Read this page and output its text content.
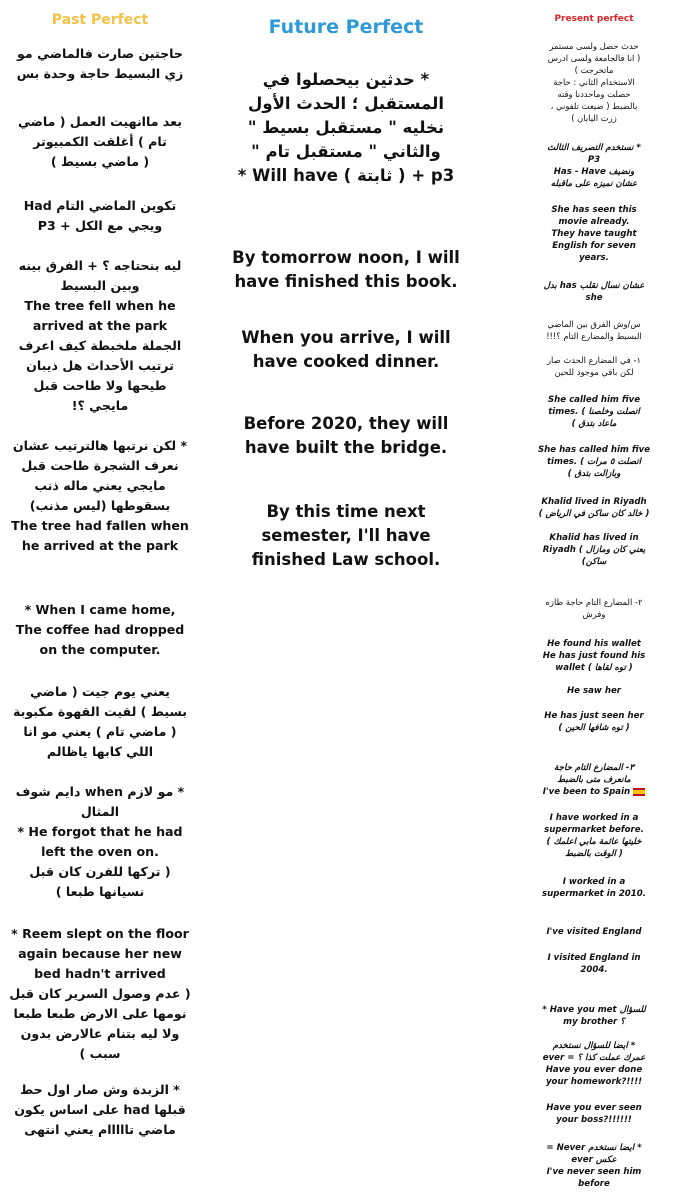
Past Perfect
حاجتين صارت فالماضي مو
زي البسيط حاجة وحدة بس
بعد ماانهيت العمل ( ماضي
تام ) أغلقت الكمبيوتر
( ماضي بسيط )
تكوين الماضي التام Had
ويجي مع الكل + P3
ليه بنحتاجه ؟ + الفرق بينه
وبين البسيط
The tree fell when he
arrived at the park
الجملة ملخبطة كيف اعرف
ترتيب الأحداث هل ذيبان
طيحها ولا طاحت قبل
مايجي ؟!
* لكن نرتبها هالترتيب عشان
نعرف الشجرة طاحت قبل
مايجي يعني ماله ذنب
بسقوطها (ليس مذنب)
The tree had fallen when
he arrived at the park
* When I came home,
The coffee had dropped
on the computer.
يعني يوم جيت ( ماضي
بسيط ) لقيت القهوة مكبوبة
( ماضي تام ) يعني مو انا
اللي كابها ياظالم
* مو لازم when دايم شوف
المثال
* He forgot that he had
left the oven on.
( تركها للفرن كان قبل
نسيانها طبعا )
* Reem slept on the floor
again because her new
bed hadn't arrived
( عدم وصول السرير كان قبل
نومها على الارض طبعا طبعا
ولا ليه بتنام عالارض بدون
سبب )
* الزبدة وش صار اول حط
قبلها had على اساس يكون
ماضي تااااام يعني انتهى
Future Perfect
* حدثين بيحصلوا في
المستقبل ؛ الحدث الأول
نخليه " مستقبل بسيط "
والثاني " مستقبل تام "
* Will have ( ثابتة ) + p3
By tomorrow noon, I will
have finished this book.
When you arrive, I will
have cooked dinner.
Before 2020, they will
have built the bridge.
By this time next
semester, I'll have
finished Law school.
Present perfect
حدث حصل ولسى مستمر
( انا فالجامعة ولسى ادرس
ماتخرجت )
الاستخدام الثاني : حاجة
حصلت وماحددنا وقته
بالضبط ( ضيعت تلفوني ،
زرت اليابان )
* نستخدم التصريف الثالث
P3
Has - Have ونضيف
عشان نميزه على ماقبله
She has seen this
movie already.
They have taught
English for seven
years.
عشان نسال نقلب has بدل
she
س/وش الفرق بين الماضي
البسيط والمضارع التام ؟!!!
١- في المضارع الحدث صار
لكن باقي موجود للحين
She called him five
times. ( اتصلت وخلصنا
ماعاد بتدق )
She has called him five
times. ( اتصلت ٥ مرات
وبازالت بتدق )
Khalid lived in Riyadh
( خالد كان ساكن في الرياض )
Khalid has lived in
Riyadh ( يعني كان ومازال
ساكن)
٢- المضارع التام حاجة طازه
وفرش
He found his wallet
He has just found his
wallet ( توه لقاها )
He saw her
He has just seen her
( توه شافها الحين )
٣- المضارع التام حاجة
مانعرف متى بالضبط
I've been to Spain
I have worked in a
supermarket before.
خليتها عائمة مابي اعلمك )
( الوقت بالضبط
I worked in a
supermarket in 2010.
I've visited England
I visited England in
2004.
للسؤال Have you met *
my brother ؟
* ايضا للسؤال نستخدم
ever = عمرك عملت كذا ؟
Have you ever done
your homework?!!!!
Have you ever seen
your boss?!!!!!!
* ايضا نستخدم Never =
عكس ever
I've never seen him
before
